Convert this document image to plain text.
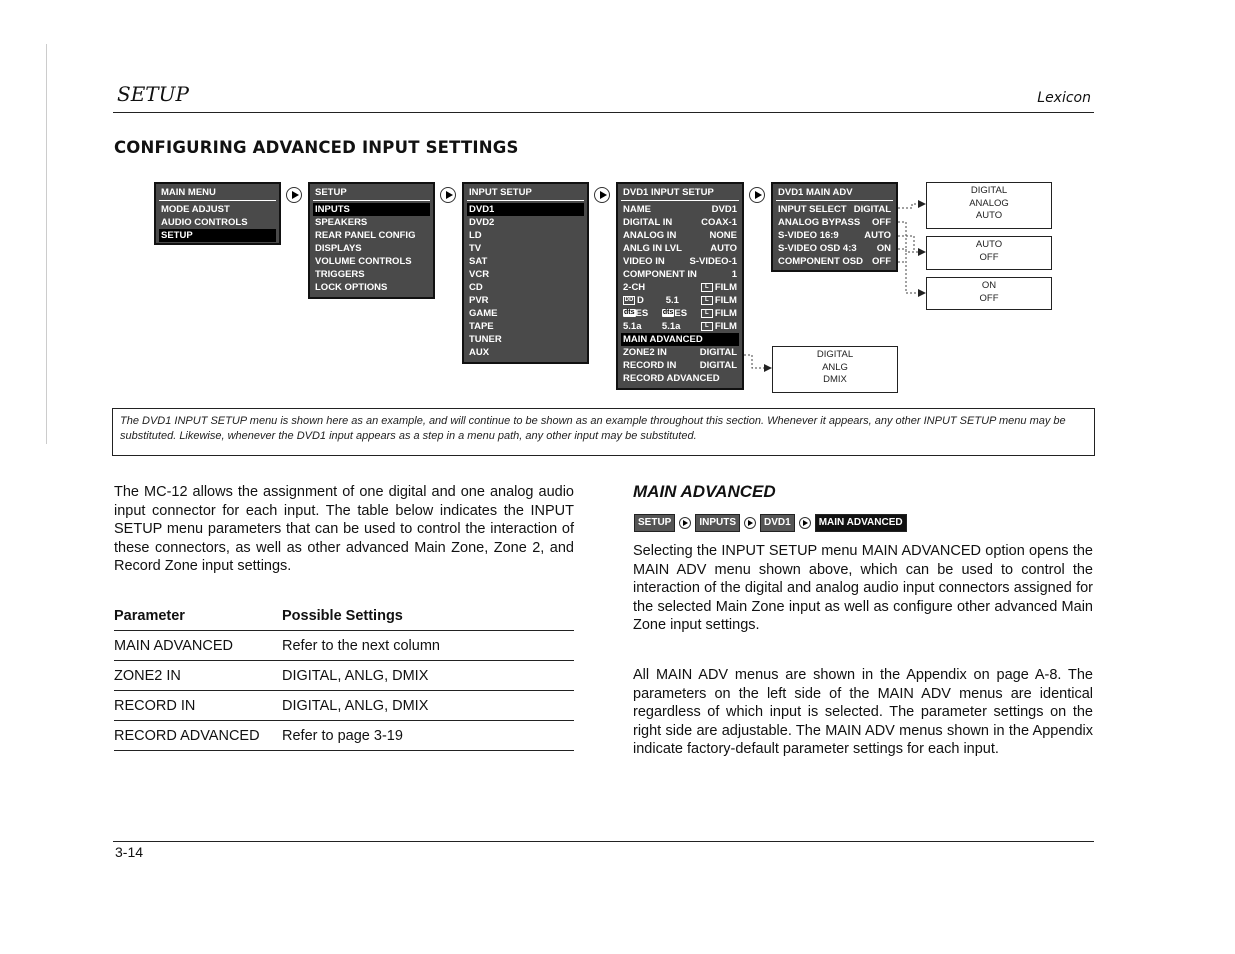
SETUP	Lexicon
CONFIGURING ADVANCED INPUT SETTINGS
MAIN MENU
MODE ADJUST
AUDIO CONTROLS
SETUP
SETUP
INPUTS
SPEAKERS
REAR PANEL CONFIG
DISPLAYS
VOLUME CONTROLS
TRIGGERS
LOCK OPTIONS
INPUT SETUP
DVD1
DVD2
LD
TV
SAT
VCR
CD
PVR
GAME
TAPE
TUNER
AUX
DVD1 INPUT SETUP
NAME	DVD1
DIGITAL IN	COAX-1
ANALOG IN	NONE
ANLG IN LVL	AUTO
VIDEO IN	S-VIDEO-1
COMPONENT IN	1
2-CH	L FILM
DD D 5.1	L FILM
dtsES dtsES	L FILM
5.1a 5.1a	L FILM
MAIN ADVANCED
ZONE2 IN	DIGITAL
RECORD IN DIGITAL
RECORD ADVANCED
DVD1 MAIN ADV
INPUT SELECT DIGITAL
ANALOG BYPASS OFF
S-VIDEO 16:9	AUTO
S-VIDEO OSD 4:3 ON
COMPONENT OSD OFF
DIGITAL
ANALOG
AUTO
AUTO
OFF
ON
OFF
DIGITAL
ANLG
DMIX
The DVD1 INPUT SETUP menu is shown here as an example, and will continue to be shown as an example throughout this section. Whenever it appears, any other INPUT SETUP menu may be substituted. Likewise, whenever the DVD1 input appears as a step in a menu path, any other input may be substituted.
The MC-12 allows the assignment of one digital and one analog audio input connector for each input. The table below indicates the INPUT SETUP menu parameters that can be used to control the interaction of these connectors, as well as other advanced Main Zone, Zone 2, and Record Zone input settings.
Parameter	Possible Settings
MAIN ADVANCED	Refer to the next column
ZONE2 IN	DIGITAL, ANLG, DMIX
RECORD IN	DIGITAL, ANLG, DMIX
RECORD ADVANCED	Refer to page 3-19
MAIN ADVANCED
SETUP	INPUTS	DVD1	MAIN ADVANCED
Selecting the INPUT SETUP menu MAIN ADVANCED option opens the MAIN ADV menu shown above, which can be used to control the interaction of the digital and analog audio input connectors assigned for the selected Main Zone input as well as configure other advanced Main Zone input settings.
All MAIN ADV menus are shown in the Appendix on page A-8. The parameters on the left side of the MAIN ADV menus are identical regardless of which input is selected. The parameter settings on the right side are adjustable. The MAIN ADV menus shown in the Appendix indicate factory-default parameter settings for each input.
3-14
